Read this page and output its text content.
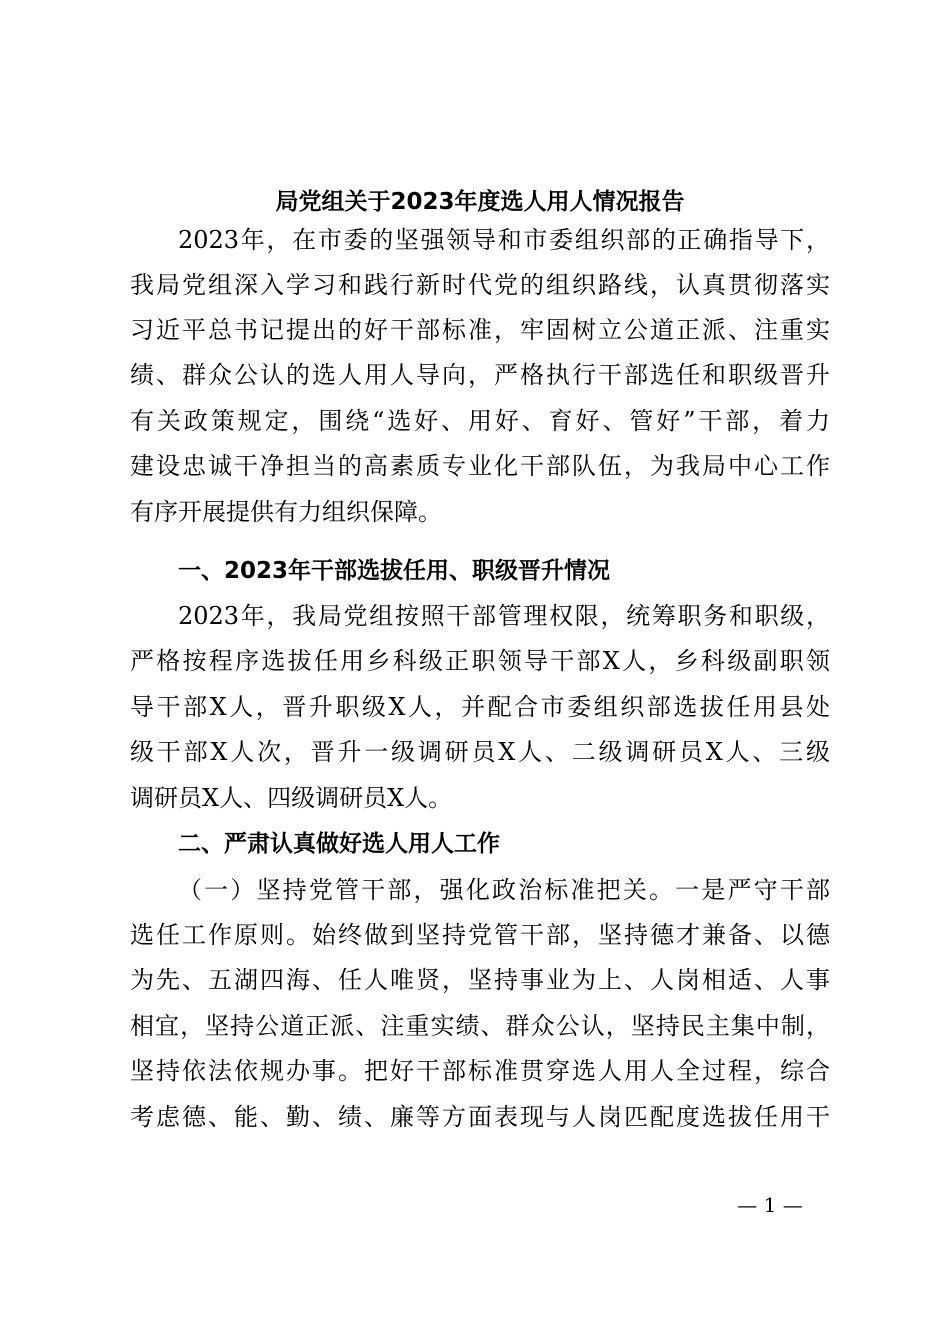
局党组关于2023年度选人用人情况报告

2023年，在市委的坚强领导和市委组织部的正确指导下，

我局党组深入学习和践行新时代党的组织路线，认真贯彻落实

习近平总书记提出的好干部标准，牢固树立公道正派、注重实

绩、群众公认的选人用人导向，严格执行干部选任和职级晋升

有关政策规定，围绕“选好、用好、育好、管好”干部，着力

建设忠诚干净担当的高素质专业化干部队伍，为我局中心工作

有序开展提供有力组织保障。

一、2023年干部选拔任用、职级晋升情况

2023年，我局党组按照干部管理权限，统筹职务和职级，

严格按程序选拔任用乡科级正职领导干部X人，乡科级副职领

导干部X人，晋升职级X人，并配合市委组织部选拔任用县处

级干部X人次，晋升一级调研员X人、二级调研员X人、三级

调研员X人、四级调研员X人。

二、严肃认真做好选人用人工作

（一）坚持党管干部，强化政治标准把关。一是严守干部

选任工作原则。始终做到坚持党管干部，坚持德才兼备、以德

为先、五湖四海、任人唯贤，坚持事业为上、人岗相适、人事

相宜，坚持公道正派、注重实绩、群众公认，坚持民主集中制，

坚持依法依规办事。把好干部标准贯穿选人用人全过程，综合

考虑德、能、勤、绩、廉等方面表现与人岗匹配度选拔任用干

— 1 —
